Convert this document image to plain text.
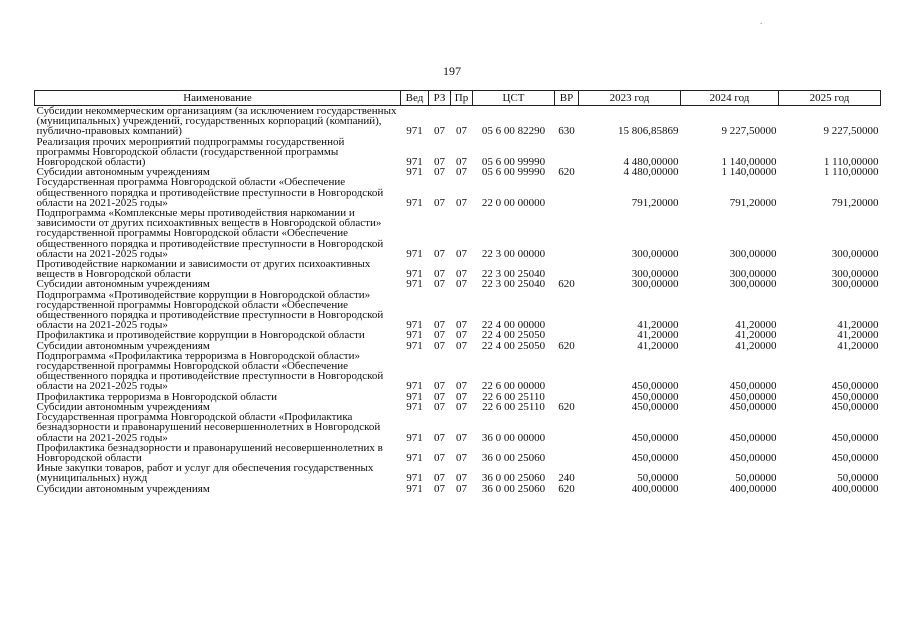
.
197
Наименование	Вед	РЗ	Пр	ЦСТ	ВР	2023 год	2024 год	2025 год
Субсидии некоммерческим организациям (за исключением государственных (муниципальных) учреждений, государственных корпораций (компаний), публично-правовых компаний)	971	07	07	05 6 00 82290	630	15 806,85869	9 227,50000	9 227,50000
Реализация прочих мероприятий подпрограммы государственной программы Новгородской области (государственной программы Новгородской области)	971	07	07	05 6 00 99990		4 480,00000	1 140,00000	1 110,00000
Субсидии автономным учреждениям	971	07	07	05 6 00 99990	620	4 480,00000	1 140,00000	1 110,00000
Государственная программа Новгородской области «Обеспечение общественного порядка и противодействие преступности в Новгородской области на 2021-2025 годы»	971	07	07	22 0 00 00000		791,20000	791,20000	791,20000
Подпрограмма «Комплексные меры противодействия наркомании и зависимости от других психоактивных веществ в Новгородской области» государственной программы Новгородской области «Обеспечение общественного порядка и противодействие преступности в Новгородской области на 2021-2025 годы»	971	07	07	22 3 00 00000		300,00000	300,00000	300,00000
Противодействие наркомании и зависимости от других психоактивных веществ в Новгородской области	971	07	07	22 3 00 25040		300,00000	300,00000	300,00000
Субсидии автономным учреждениям	971	07	07	22 3 00 25040	620	300,00000	300,00000	300,00000
Подпрограмма «Противодействие коррупции в Новгородской области» государственной программы Новгородской области «Обеспечение общественного порядка и противодействие преступности в Новгородской области на 2021-2025 годы»	971	07	07	22 4 00 00000		41,20000	41,20000	41,20000
Профилактика и противодействие коррупции в Новгородской области	971	07	07	22 4 00 25050		41,20000	41,20000	41,20000
Субсидии автономным учреждениям	971	07	07	22 4 00 25050	620	41,20000	41,20000	41,20000
Подпрограмма «Профилактика терроризма в Новгородской области» государственной программы Новгородской области «Обеспечение общественного порядка и противодействие преступности в Новгородской области на 2021-2025 годы»	971	07	07	22 6 00 00000		450,00000	450,00000	450,00000
Профилактика терроризма в Новгородской области	971	07	07	22 6 00 25110		450,00000	450,00000	450,00000
Субсидии автономным учреждениям	971	07	07	22 6 00 25110	620	450,00000	450,00000	450,00000
Государственная программа Новгородской области «Профилактика безнадзорности и правонарушений несовершеннолетних в Новгородской области на 2021-2025 годы»	971	07	07	36 0 00 00000		450,00000	450,00000	450,00000
Профилактика безнадзорности и правонарушений несовершеннолетних в Новгородской области	971	07	07	36 0 00 25060		450,00000	450,00000	450,00000
Иные закупки товаров, работ и услуг для обеспечения государственных (муниципальных) нужд	971	07	07	36 0 00 25060	240	50,00000	50,00000	50,00000
Субсидии автономным учреждениям	971	07	07	36 0 00 25060	620	400,00000	400,00000	400,00000
